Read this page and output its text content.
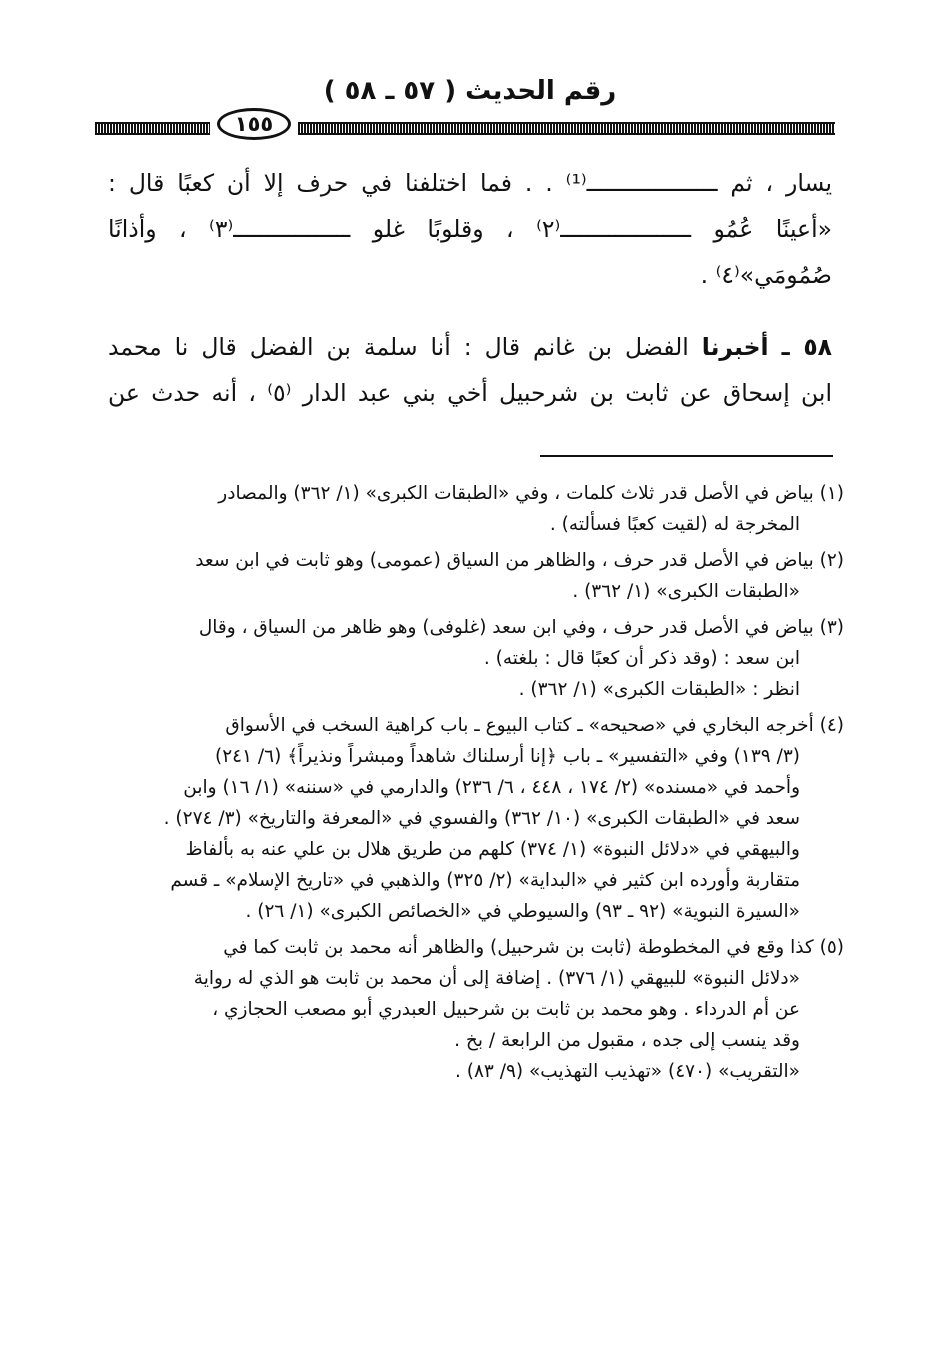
رقم الحديث ( ٥٧ ـ ٥٨ )
١٥٥
يسار ، ثم ـــــــــــــــــــ⁽¹⁾ . . فما اختلفنا في حرف إلا أن كعبًا قال :
«أعينًا عُمُو ـــــــــــــــــــ⁽٢⁾ ، وقلوبًا غلو ـــــــــــــــــ⁽٣⁾ ، وأذانًا
صُمُومَي»⁽٤⁾ .
٥٨ ـ أخبرنا الفضل بن غانم قال : أنا سلمة بن الفضل قال نا محمد
ابن إسحاق عن ثابت بن شرحبيل أخي بني عبد الدار ⁽٥⁾ ، أنه حدث عن
(١) بياض في الأصل قدر ثلاث كلمات ، وفي «الطبقات الكبرى» (١/ ٣٦٢) والمصادر
المخرجة له (لقيت كعبًا فسألته) .
(٢) بياض في الأصل قدر حرف ، والظاهر من السياق (عمومى) وهو ثابت في ابن سعد
«الطبقات الكبرى» (١/ ٣٦٢) .
(٣) بياض في الأصل قدر حرف ، وفي ابن سعد (غلوفى) وهو ظاهر من السياق ، وقال
ابن سعد : (وقد ذكر أن كعبًا قال : بلغته) .
انظر : «الطبقات الكبرى» (١/ ٣٦٢) .
(٤) أخرجه البخاري في «صحيحه» ـ كتاب البيوع ـ باب كراهية السخب في الأسواق
(٣/ ١٣٩) وفي «التفسير» ـ باب ﴿إنا أرسلناك شاهداً ومبشراً ونذيراً﴾ (٦/ ٢٤١)
وأحمد في «مسنده» (٢/ ١٧٤ ، ٤٤٨ ، ٦/ ٢٣٦) والدارمي في «سننه» (١/ ١٦) وابن
سعد في «الطبقات الكبرى» (١٠/ ٣٦٢) والفسوي في «المعرفة والتاريخ» (٣/ ٢٧٤) .
والبيهقي في «دلائل النبوة» (١/ ٣٧٤) كلهم من طريق هلال بن علي عنه به بألفاظ
متقاربة وأورده ابن كثير في «البداية» (٢/ ٣٢٥) والذهبي في «تاريخ الإسلام» ـ قسم
«السيرة النبوية» (٩٢ ـ ٩٣) والسيوطي في «الخصائص الكبرى» (١/ ٢٦) .
(٥) كذا وقع في المخطوطة (ثابت بن شرحبيل) والظاهر أنه محمد بن ثابت كما في
«دلائل النبوة» للبيهقي (١/ ٣٧٦) . إضافة إلى أن محمد بن ثابت هو الذي له رواية
عن أم الدرداء . وهو محمد بن ثابت بن شرحبيل العبدري أبو مصعب الحجازي ،
وقد ينسب إلى جده ، مقبول من الرابعة / بخ .
«التقريب» (٤٧٠) «تهذيب التهذيب» (٩/ ٨٣) .
